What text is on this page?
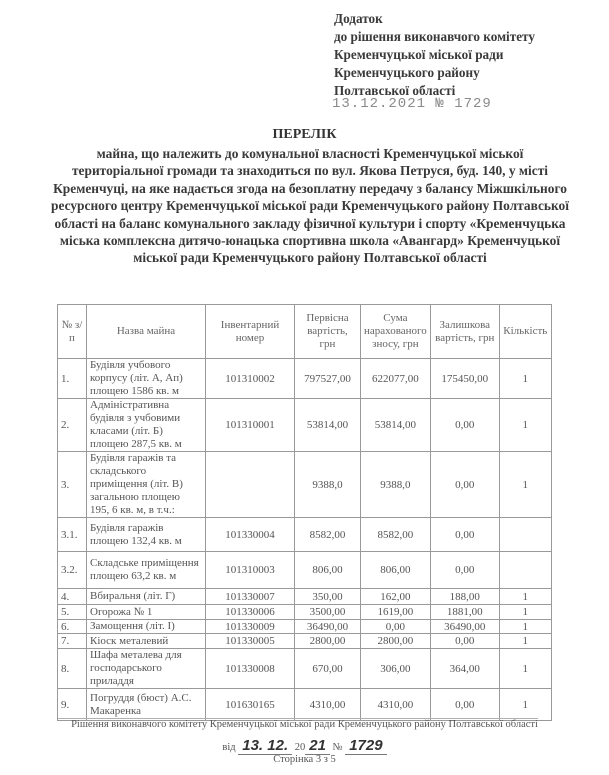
Додаток
до рішення виконавчого комітету
Кременчуцької міської ради
Кременчуцького району
Полтавської області
13.12.2021 № 1729
ПЕРЕЛІК
майна, що належить до комунальної власності Кременчуцької міської територіальної громади та знаходиться по вул. Якова Петруся, буд. 140, у місті Кременчуці, на яке надається згода на безоплатну передачу з балансу Міжшкільного ресурсного центру Кременчуцької міської ради Кременчуцького району Полтавської області на баланс комунального закладу фізичної культури і спорту «Кременчуцька міська комплексна дитячо-юнацька спортивна школа «Авангард» Кременчуцької міської ради Кременчуцького району Полтавської області
№ з/п	Назва майна	Інвентарний номер	Первісна вартість, грн	Сума нарахованого зносу, грн	Залишкова вартість, грн	Кількість
1.	Будівля учбового корпусу (літ. А, Ап) площею 1586 кв. м	101310002	797527,00	622077,00	175450,00	1
2.	Адміністративна будівля з учбовими класами (літ. Б) площею 287,5 кв. м	101310001	53814,00	53814,00	0,00	1
3.	Будівля гаражів та складського приміщення (літ. В) загальною площею 195, 6 кв. м, в т.ч.:		9388,0	9388,0	0,00	1
3.1.	Будівля гаражів площею 132,4 кв. м	101330004	8582,00	8582,00	0,00	
3.2.	Складське приміщення площею 63,2 кв. м	101310003	806,00	806,00	0,00	
4.	Вбиральня (літ. Г)	101330007	350,00	162,00	188,00	1
5.	Огорожа № 1	101330006	3500,00	1619,00	1881,00	1
6.	Замощення (літ. І)	101330009	36490,00	0,00	36490,00	1
7.	Кіоск металевий	101330005	2800,00	2800,00	0,00	1
8.	Шафа металева для господарського приладдя	101330008	670,00	306,00	364,00	1
9.	Погруддя (бюст) А.С. Макаренка	101630165	4310,00	4310,00	0,00	1
Рішення виконавчого комітету Кременчуцької міської ради Кременчуцького району Полтавської області
від 13. 12. 20 21 № 1729
Сторінка 3 з 5
